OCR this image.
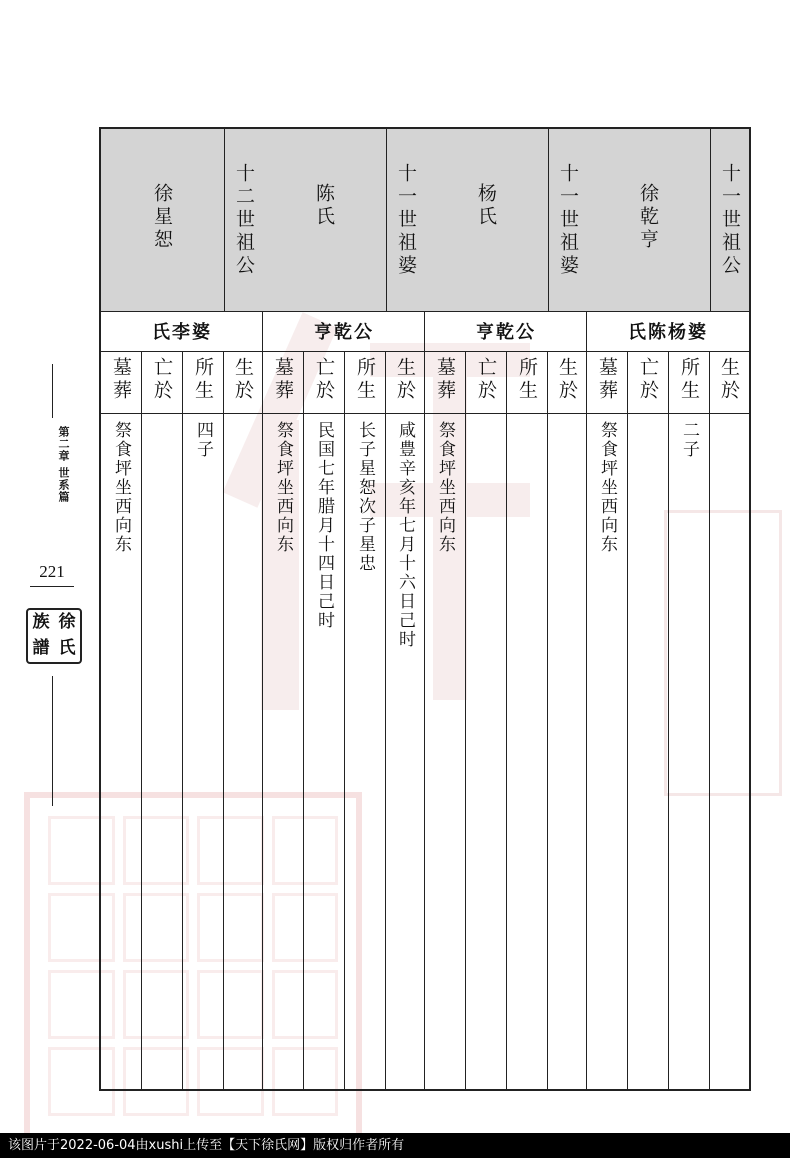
第二章 世系篇
221
族 徐
譜 氏
十一世祖公
徐乾亨
氏陈杨婆
生於
所生
亡於
墓葬
二子
祭食坪坐西向东
十一世祖婆
杨氏
亨乾公
生於
所生
亡於
墓葬
祭食坪坐西向东
十一世祖婆
陈氏
亨乾公
生於
所生
亡於
墓葬
咸豊辛亥年七月十六日己时
长子星恕次子星忠
民国七年腊月十四日己时
祭食坪坐西向东
十二世祖公
徐星恕
氏李婆
生於
所生
亡於
墓葬
四子
祭食坪坐西向东
该图片于2022-06-04由xushi上传至【天下徐氏网】版权归作者所有
